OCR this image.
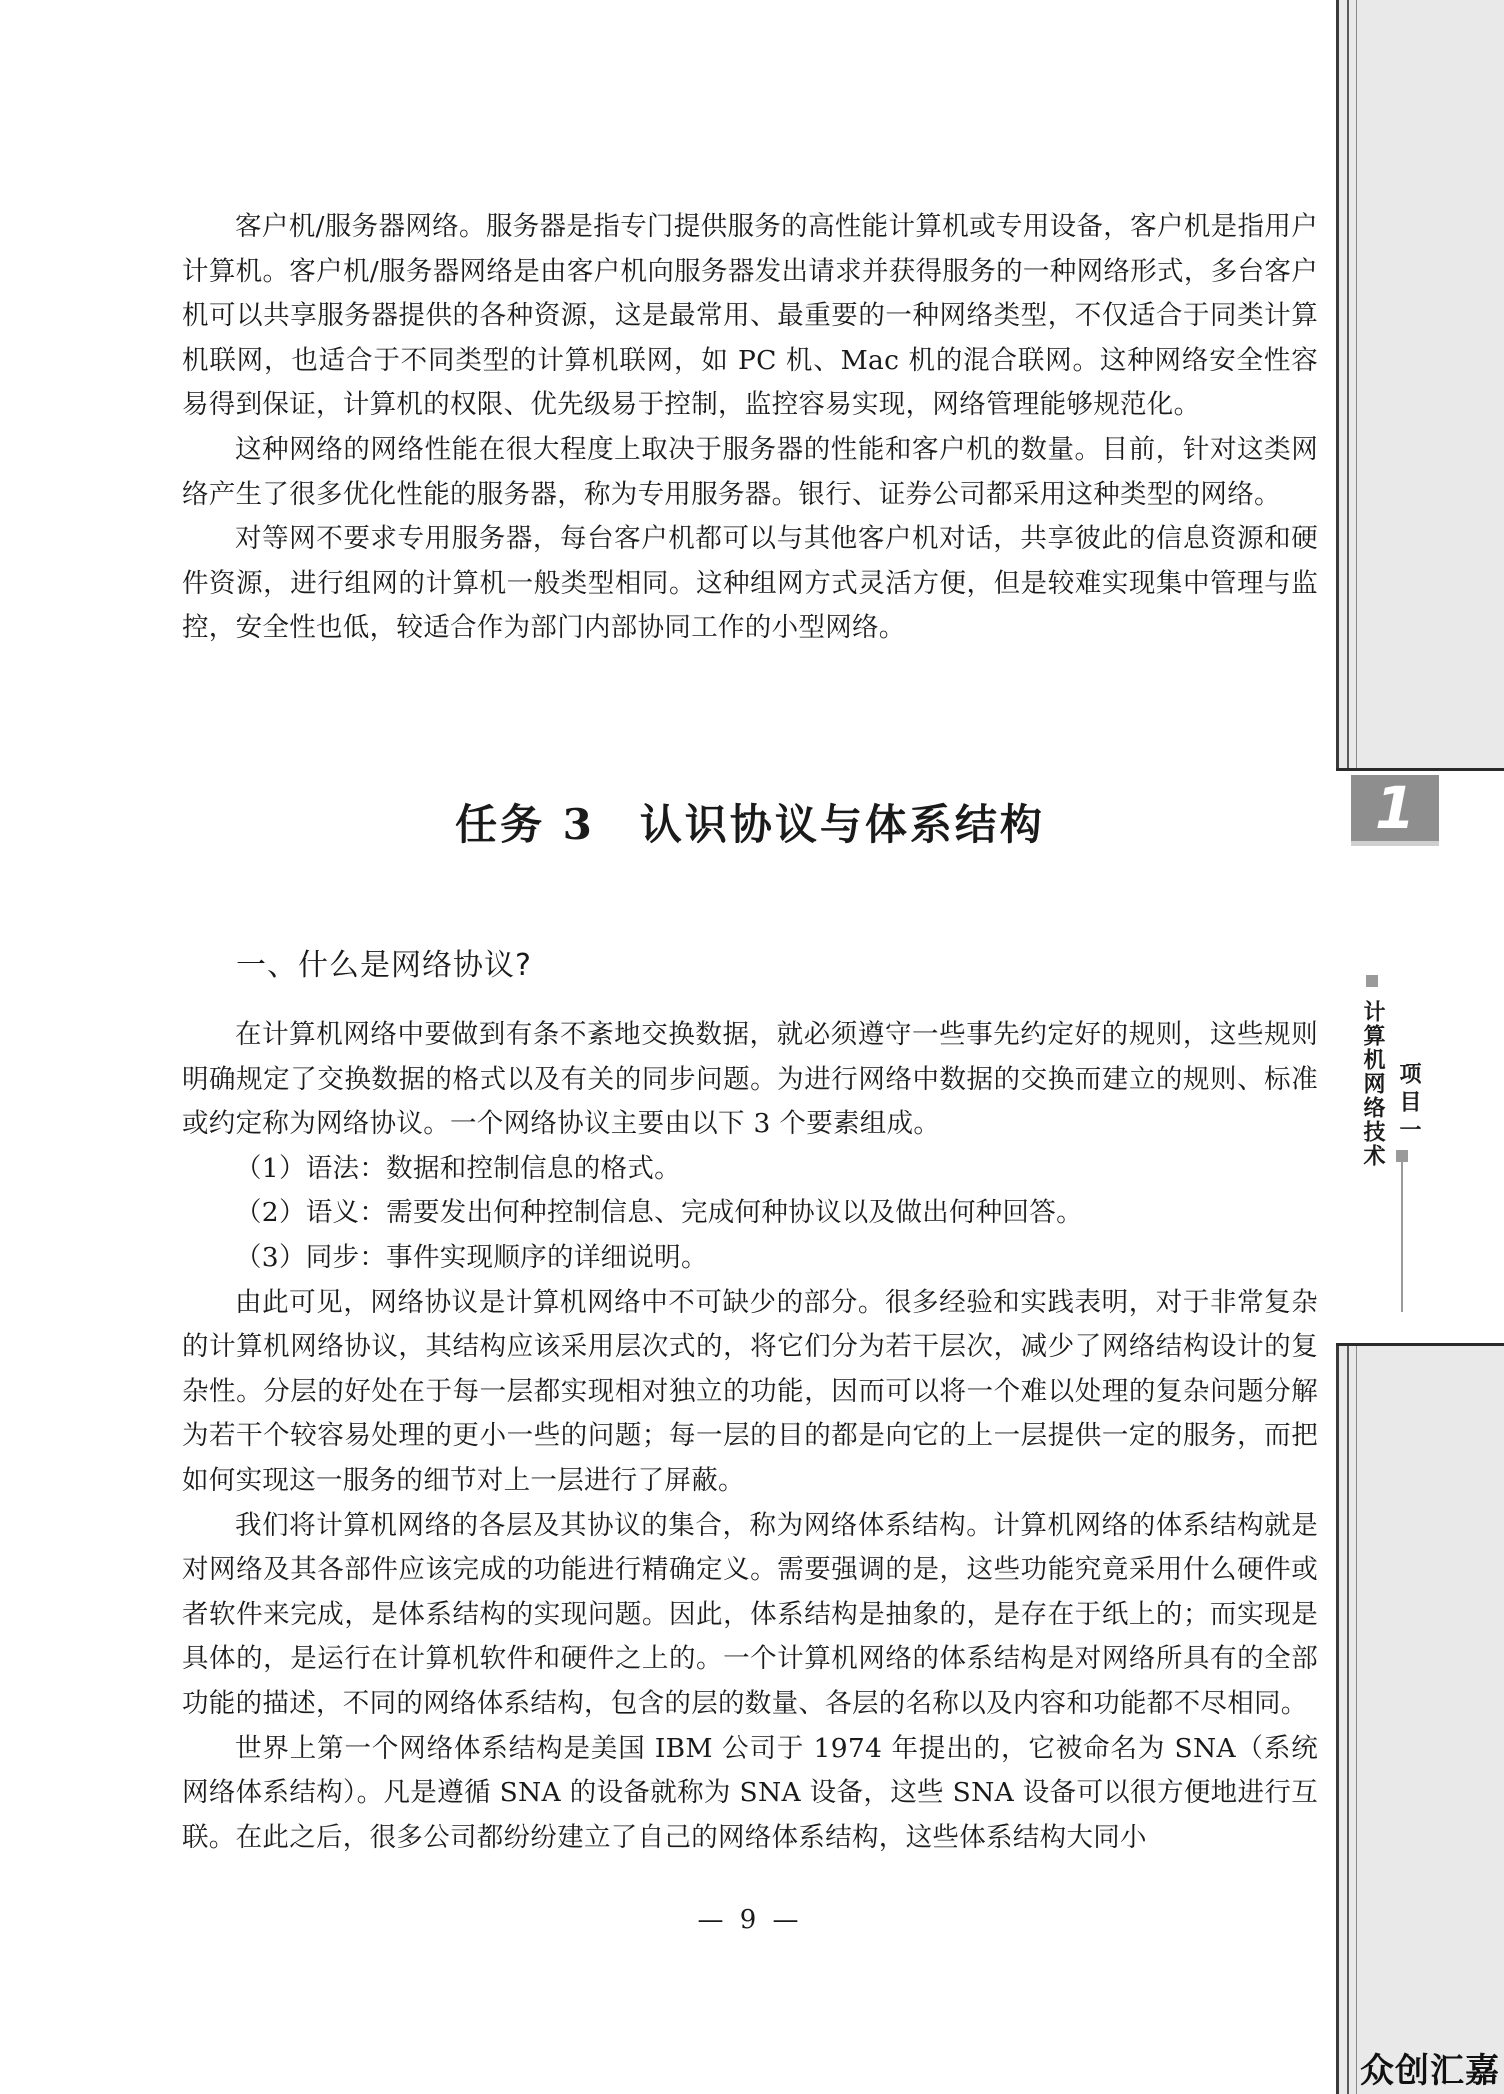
1
计算机网络技术 项目一

客户机/服务器网络。服务器是指专门提供服务的高性能计算机或专用设备，客户机是指用户计算机。客户机/服务器网络是由客户机向服务器发出请求并获得服务的一种网络形式，多台客户机可以共享服务器提供的各种资源，这是最常用、最重要的一种网络类型，不仅适合于同类计算机联网，也适合于不同类型的计算机联网，如 PC 机、Mac 机的混合联网。这种网络安全性容易得到保证，计算机的权限、优先级易于控制，监控容易实现，网络管理能够规范化。

这种网络的网络性能在很大程度上取决于服务器的性能和客户机的数量。目前，针对这类网络产生了很多优化性能的服务器，称为专用服务器。银行、证券公司都采用这种类型的网络。

对等网不要求专用服务器，每台客户机都可以与其他客户机对话，共享彼此的信息资源和硬件资源，进行组网的计算机一般类型相同。这种组网方式灵活方便，但是较难实现集中管理与监控，安全性也低，较适合作为部门内部协同工作的小型网络。

任务 3　认识协议与体系结构
一、什么是网络协议?

在计算机网络中要做到有条不紊地交换数据，就必须遵守一些事先约定好的规则，这些规则明确规定了交换数据的格式以及有关的同步问题。为进行网络中数据的交换而建立的规则、标准或约定称为网络协议。一个网络协议主要由以下 3 个要素组成。

（1）语法：数据和控制信息的格式。

（2）语义：需要发出何种控制信息、完成何种协议以及做出何种回答。

（3）同步：事件实现顺序的详细说明。

由此可见，网络协议是计算机网络中不可缺少的部分。很多经验和实践表明，对于非常复杂的计算机网络协议，其结构应该采用层次式的，将它们分为若干层次，减少了网络结构设计的复杂性。分层的好处在于每一层都实现相对独立的功能，因而可以将一个难以处理的复杂问题分解为若干个较容易处理的更小一些的问题；每一层的目的都是向它的上一层提供一定的服务，而把如何实现这一服务的细节对上一层进行了屏蔽。

我们将计算机网络的各层及其协议的集合，称为网络体系结构。计算机网络的体系结构就是对网络及其各部件应该完成的功能进行精确定义。需要强调的是，这些功能究竟采用什么硬件或者软件来完成，是体系结构的实现问题。因此，体系结构是抽象的，是存在于纸上的；而实现是具体的，是运行在计算机软件和硬件之上的。一个计算机网络的体系结构是对网络所具有的全部功能的描述，不同的网络体系结构，包含的层的数量、各层的名称以及内容和功能都不尽相同。

世界上第一个网络体系结构是美国 IBM 公司于 1974 年提出的，它被命名为 SNA（系统网络体系结构）。凡是遵循 SNA 的设备就称为 SNA 设备，这些 SNA 设备可以很方便地进行互联。在此之后，很多公司都纷纷建立了自己的网络体系结构，这些体系结构大同小

— 9 —
众创汇嘉
